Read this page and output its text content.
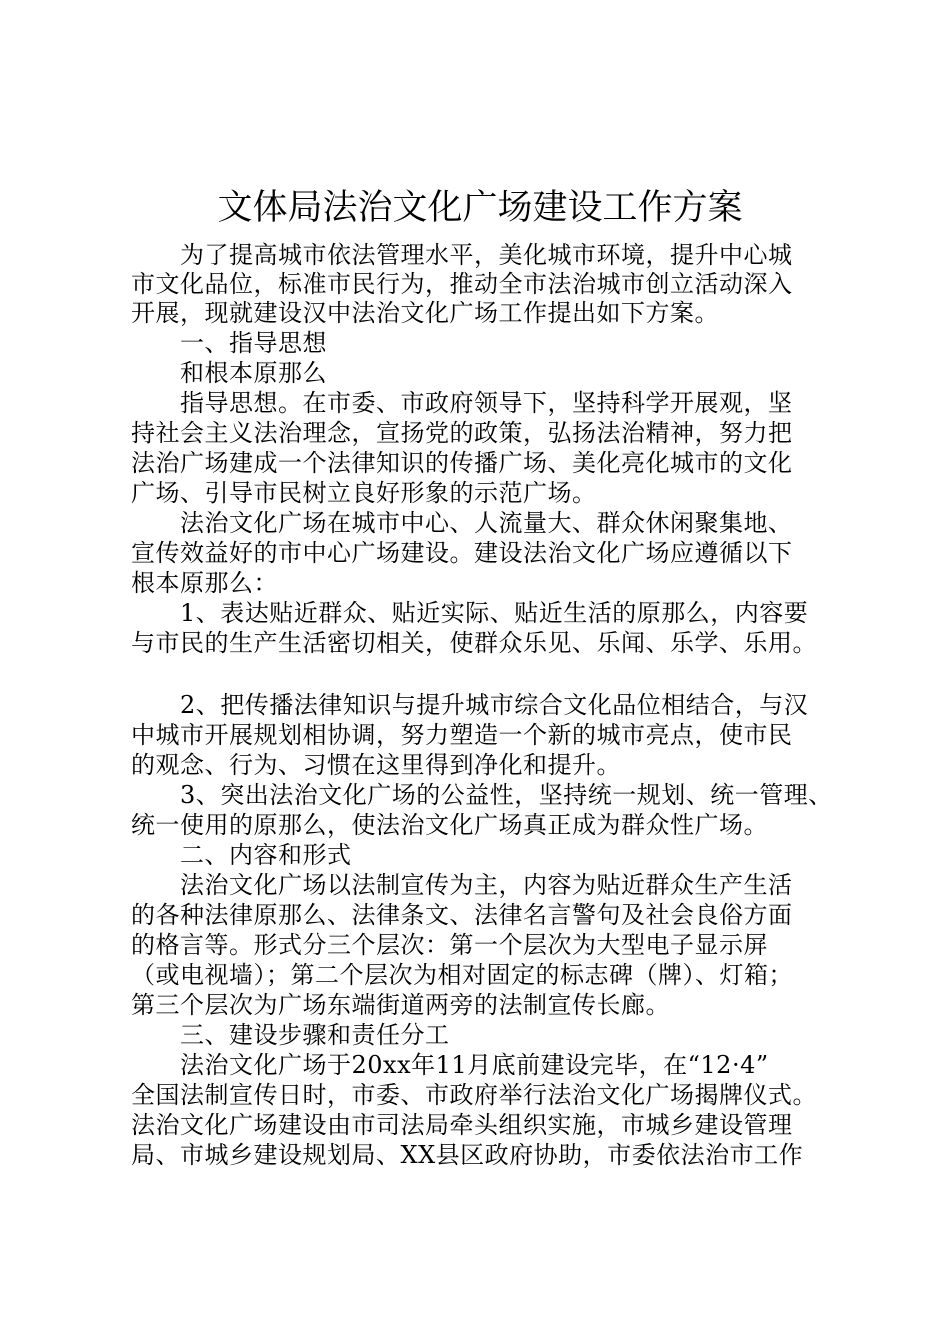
文体局法治文化广场建设工作方案
为了提高城市依法管理水平，美化城市环境，提升中心城
市文化品位，标准市民行为，推动全市法治城市创立活动深入
开展，现就建设汉中法治文化广场工作提出如下方案。
一、指导思想
和根本原那么
指导思想。在市委、市政府领导下，坚持科学开展观，坚
持社会主义法治理念，宣扬党的政策，弘扬法治精神，努力把
法治广场建成一个法律知识的传播广场、美化亮化城市的文化
广场、引导市民树立良好形象的示范广场。
法治文化广场在城市中心、人流量大、群众休闲聚集地、
宣传效益好的市中心广场建设。建设法治文化广场应遵循以下
根本原那么：
1、表达贴近群众、贴近实际、贴近生活的原那么，内容要
与市民的生产生活密切相关，使群众乐见、乐闻、乐学、乐用。
2、把传播法律知识与提升城市综合文化品位相结合，与汉
中城市开展规划相协调，努力塑造一个新的城市亮点，使市民
的观念、行为、习惯在这里得到净化和提升。
3、突出法治文化广场的公益性，坚持统一规划、统一管理、
统一使用的原那么，使法治文化广场真正成为群众性广场。
二、内容和形式
法治文化广场以法制宣传为主，内容为贴近群众生产生活
的各种法律原那么、法律条文、法律名言警句及社会良俗方面
的格言等。形式分三个层次：第一个层次为大型电子显示屏
（或电视墙）；第二个层次为相对固定的标志碑（牌）、灯箱；
第三个层次为广场东端街道两旁的法制宣传长廊。
三、建设步骤和责任分工
法治文化广场于20xx年11月底前建设完毕，在“12·4”
全国法制宣传日时，市委、市政府举行法治文化广场揭牌仪式。
法治文化广场建设由市司法局牵头组织实施，市城乡建设管理
局、市城乡建设规划局、XX县区政府协助，市委依法治市工作
